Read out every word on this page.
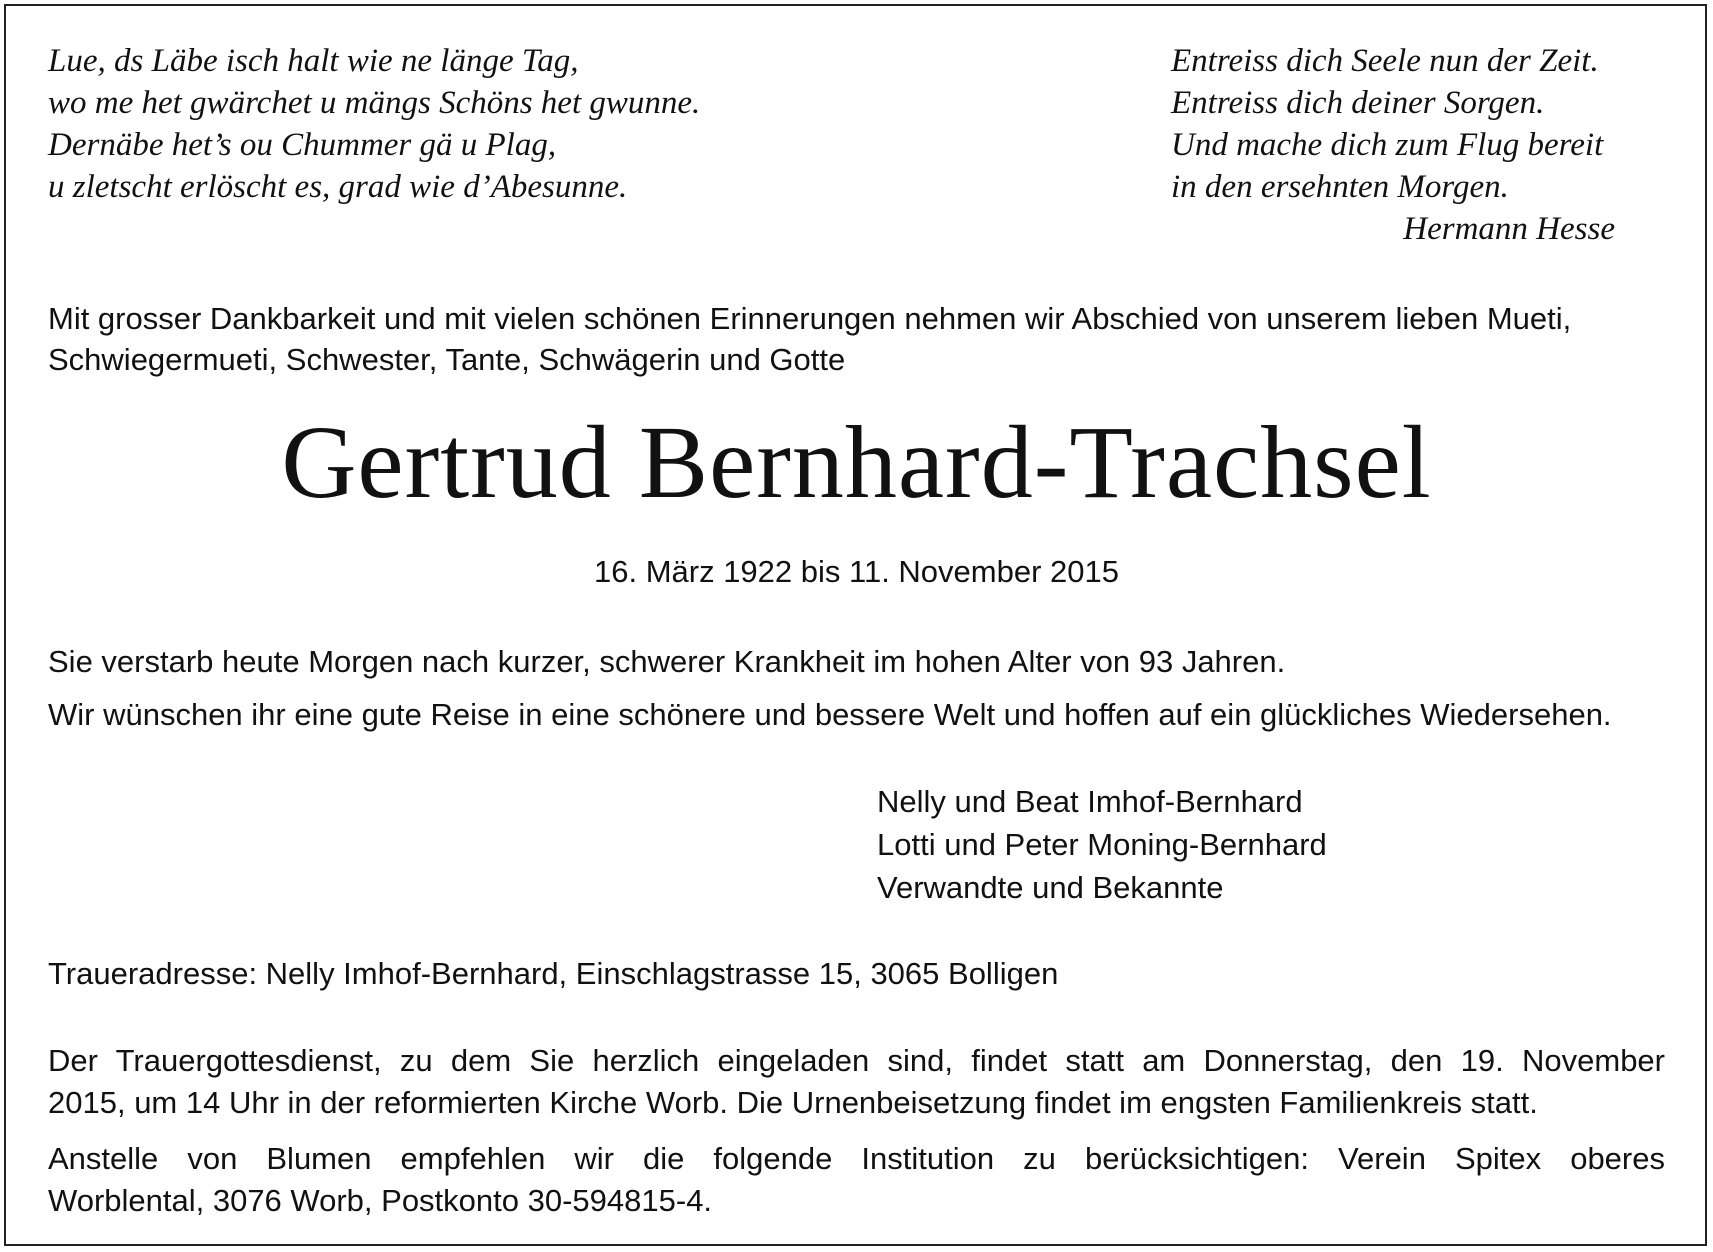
Lue, ds Läbe isch halt wie ne länge Tag,
wo me het gwärchet u mängs Schöns het gwunne.
Dernäbe het’s ou Chummer gä u Plag,
u zletscht erlöscht es, grad wie d’Abesunne.
Entreiss dich Seele nun der Zeit.
Entreiss dich deiner Sorgen.
Und mache dich zum Flug bereit
in den ersehnten Morgen.
Hermann Hesse
Mit grosser Dankbarkeit und mit vielen schönen Erinnerungen nehmen wir Abschied von unserem lieben Mueti,
Schwiegermueti, Schwester, Tante, Schwägerin und Gotte
Gertrud Bernhard-Trachsel
16. März 1922 bis 11. November 2015

Sie verstarb heute Morgen nach kurzer, schwerer Krankheit im hohen Alter von 93 Jahren.

Wir wünschen ihr eine gute Reise in eine schönere und bessere Welt und hoffen auf ein glückliches Wiedersehen.

Nelly und Beat Imhof-Bernhard
Lotti und Peter Moning-Bernhard
Verwandte und Bekannte
Traueradresse: Nelly Imhof-Bernhard, Einschlagstrasse 15, 3065 Bolligen
Der Trauergottesdienst, zu dem Sie herzlich eingeladen sind, findet statt am Donnerstag, den 19. November
2015, um 14 Uhr in der reformierten Kirche Worb. Die Urnenbeisetzung findet im engsten Familienkreis statt.
Anstelle von Blumen empfehlen wir die folgende Institution zu berücksichtigen: Verein Spitex oberes
Worblental, 3076 Worb, Postkonto 30-594815-4.
